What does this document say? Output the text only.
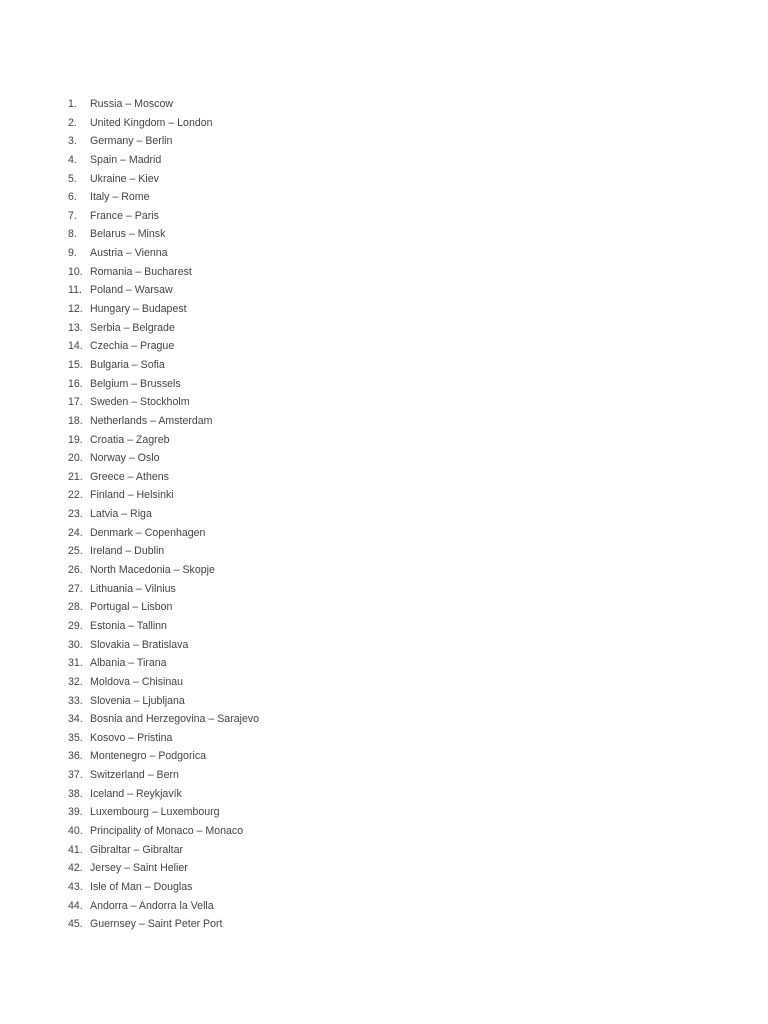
1. Russia – Moscow
2. United Kingdom – London
3. Germany – Berlin
4. Spain – Madrid
5. Ukraine – Kiev
6. Italy – Rome
7. France – Paris
8. Belarus – Minsk
9. Austria – Vienna
10. Romania – Bucharest
11. Poland – Warsaw
12. Hungary – Budapest
13. Serbia – Belgrade
14. Czechia – Prague
15. Bulgaria – Sofia
16. Belgium – Brussels
17. Sweden – Stockholm
18. Netherlands – Amsterdam
19. Croatia – Zagreb
20. Norway – Oslo
21. Greece – Athens
22. Finland – Helsinki
23. Latvia – Riga
24. Denmark – Copenhagen
25. Ireland – Dublin
26. North Macedonia – Skopje
27. Lithuania – Vilnius
28. Portugal – Lisbon
29. Estonia – Tallinn
30. Slovakia – Bratislava
31. Albania – Tirana
32. Moldova – Chisinau
33. Slovenia – Ljubljana
34. Bosnia and Herzegovina – Sarajevo
35. Kosovo – Pristina
36. Montenegro – Podgorica
37. Switzerland – Bern
38. Iceland – Reykjavík
39. Luxembourg – Luxembourg
40. Principality of Monaco – Monaco
41. Gibraltar – Gibraltar
42. Jersey – Saint Helier
43. Isle of Man – Douglas
44. Andorra – Andorra la Vella
45. Guernsey – Saint Peter Port
